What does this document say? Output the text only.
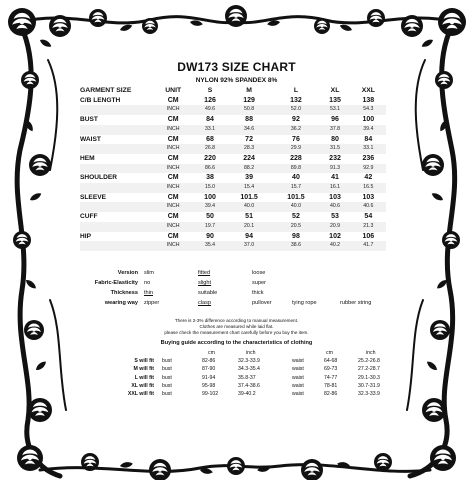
DW173 SIZE CHART
NYLON 92% SPANDEX 8%
GARMENT SIZE	UNIT	S	M	L	XL	XXL
C/B LENGTH	CM	126	129	132	135	138
	INCH	49.6	50.8	52.0	53.1	54.3
BUST	CM	84	88	92	96	100
	INCH	33.1	34.6	36.2	37.8	39.4
WAIST	CM	68	72	76	80	84
	INCH	26.8	28.3	29.9	31.5	33.1
HEM	CM	220	224	228	232	236
	INCH	86.6	88.2	89.8	91.3	92.9
SHOULDER	CM	38	39	40	41	42
	INCH	15.0	15.4	15.7	16.1	16.5
SLEEVE	CM	100	101.5	101.5	103	103
	INCH	39.4	40.0	40.0	40.6	40.6
CUFF	CM	50	51	52	53	54
	INCH	19.7	20.1	20.5	20.9	21.3
HIP	CM	90	94	98	102	106
	INCH	35.4	37.0	38.6	40.2	41.7
Version slim	fitted	loose
Fabric-Elasticity no	slight	super
Thickness thin	suitable	thick
wearing way zipper	clasp	pullover	tying rope	rubber string
There is 2-3% difference according to manual measurement.
Clothes are measured while laid flat.
please check the measurement chart carefully before you buy the item.
Buying guide according to the characteristics of clothing
cm	inch	cm	inch
S will fit bust	82-86	32.3-33.9	waist	64-68	25.2-26.8
M will fit bust	87-90	34.3-35.4	waist	69-73	27.2-28.7
L will fit bust	91-94	35.8-37	waist	74-77	29.1-30.3
XL will fit bust	95-98	37.4-38.6	waist	78-81	30.7-31.9
XXL will fit bust	99-102	39-40.2	waist	82-86	32.3-33.9
